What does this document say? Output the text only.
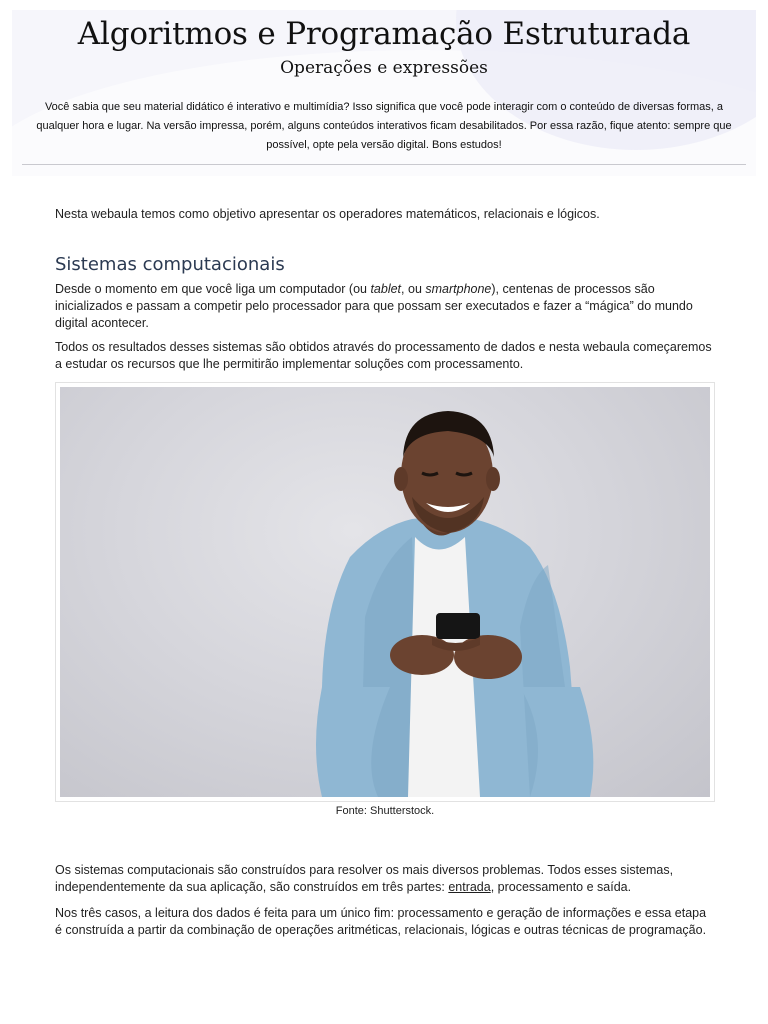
Algoritmos e Programação Estruturada

Operações e expressões

Você sabia que seu material didático é interativo e multimídia? Isso significa que você pode interagir com o conteúdo de diversas formas, a qualquer hora e lugar. Na versão impressa, porém, alguns conteúdos interativos ficam desabilitados. Por essa razão, fique atento: sempre que possível, opte pela versão digital. Bons estudos!

Nesta webaula temos como objetivo apresentar os operadores matemáticos, relacionais e lógicos.

Sistemas computacionais

Desde o momento em que você liga um computador (ou tablet, ou smartphone), centenas de processos são inicializados e passam a competir pelo processador para que possam ser executados e fazer a “mágica” do mundo digital acontecer.

Todos os resultados desses sistemas são obtidos através do processamento de dados e nesta webaula começaremos a estudar os recursos que lhe permitirão implementar soluções com processamento.

Fonte: Shutterstock.

Os sistemas computacionais são construídos para resolver os mais diversos problemas. Todos esses sistemas, independentemente da sua aplicação, são construídos em três partes: entrada, processamento e saída.

Nos três casos, a leitura dos dados é feita para um único fim: processamento e geração de informações e essa etapa é construída a partir da combinação de operações aritméticas, relacionais, lógicas e outras técnicas de programação.
